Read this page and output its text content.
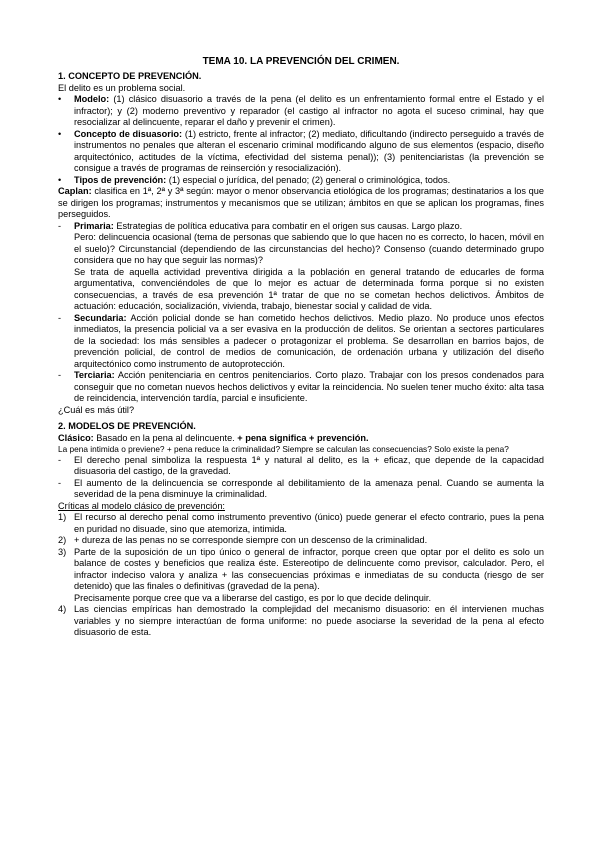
TEMA 10. LA PREVENCIÓN DEL CRIMEN.

1. CONCEPTO DE PREVENCIÓN.

El delito es un problema social.

•	Modelo: (1) clásico disuasorio a través de la pena (el delito es un enfrentamiento formal entre el Estado y el infractor); y (2) moderno preventivo y reparador (el castigo al infractor no agota el suceso criminal, hay que resocializar al delincuente, reparar el daño y prevenir el crimen).

•	Concepto de disuasorio: (1) estricto, frente al infractor; (2) mediato, dificultando (indirecto perseguido a través de instrumentos no penales que alteran el escenario criminal modificando alguno de sus elementos (espacio, diseño arquitectónico, actitudes de la víctima, efectividad del sistema penal)); (3) penitenciaristas (la prevención se consigue a través de programas de reinserción y resocialización).

•	Tipos de prevención: (1) especial o jurídica, del penado; (2) general o criminológica, todos.

Caplan: clasifica en 1ª, 2ª y 3ª según: mayor o menor observancia etiológica de los programas; destinatarios a los que se dirigen los programas; instrumentos y mecanismos que se utilizan; ámbitos en que se aplican los programas, fines perseguidos.

-	Primaria: Estrategias de política educativa para combatir en el origen sus causas. Largo plazo.

Pero: delincuencia ocasional (tema de personas que sabiendo que lo que hacen no es correcto, lo hacen, móvil en el suelo)? Circunstancial (dependiendo de las circunstancias del hecho)? Consenso (cuando determinado grupo considera que no hay que seguir las normas)?

Se trata de aquella actividad preventiva dirigida a la población en general tratando de educarles de forma argumentativa, convenciéndoles de que lo mejor es actuar de determinada forma porque si no existen consecuencias, a través de esa prevención 1ª tratar de que no se cometan hechos delictivos. Ámbitos de actuación: educación, socialización, vivienda, trabajo, bienestar social y calidad de vida.

-	Secundaria: Acción policial donde se han cometido hechos delictivos. Medio plazo. No produce unos efectos inmediatos, la presencia policial va a ser evasiva en la producción de delitos. Se orientan a sectores particulares de la sociedad: los más sensibles a padecer o protagonizar el problema. Se desarrollan en barrios bajos, de prevención policial, de control de medios de comunicación, de ordenación urbana y utilización del diseño arquitectónico como instrumento de autoprotección.

-	Terciaria: Acción penitenciaria en centros penitenciarios. Corto plazo. Trabajar con los presos condenados para conseguir que no cometan nuevos hechos delictivos y evitar la reincidencia. No suelen tener mucho éxito: alta tasa de reincidencia, intervención tardía, parcial e insuficiente.

¿Cuál es más útil?

2. MODELOS DE PREVENCIÓN.

Clásico: Basado en la pena al delincuente. + pena significa + prevención.

La pena intimida o previene? + pena reduce la criminalidad? Siempre se calculan las consecuencias? Solo existe la pena?

-	El derecho penal simboliza la respuesta 1ª y natural al delito, es la + eficaz, que depende de la capacidad disuasoria del castigo, de la gravedad.

-	El aumento de la delincuencia se corresponde al debilitamiento de la amenaza penal. Cuando se aumenta la severidad de la pena disminuye la criminalidad.

Críticas al modelo clásico de prevención:

1) El recurso al derecho penal como instrumento preventivo (único) puede generar el efecto contrario, pues la pena en puridad no disuade, sino que atemoriza, intimida.

2) + dureza de las penas no se corresponde siempre con un descenso de la criminalidad.

3) Parte de la suposición de un tipo único o general de infractor, porque creen que optar por el delito es solo un balance de costes y beneficios que realiza éste. Estereotipo de delincuente como previsor, calculador. Pero, el infractor indeciso valora y analiza + las consecuencias próximas e inmediatas de su conducta (riesgo de ser detenido) que las finales o definitivas (gravedad de la pena).

Precisamente porque cree que va a liberarse del castigo, es por lo que decide delinquir.

4) Las ciencias empíricas han demostrado la complejidad del mecanismo disuasorio: en él intervienen muchas variables y no siempre interactúan de forma uniforme: no puede asociarse la severidad de la pena al efecto disuasorio de esta.
